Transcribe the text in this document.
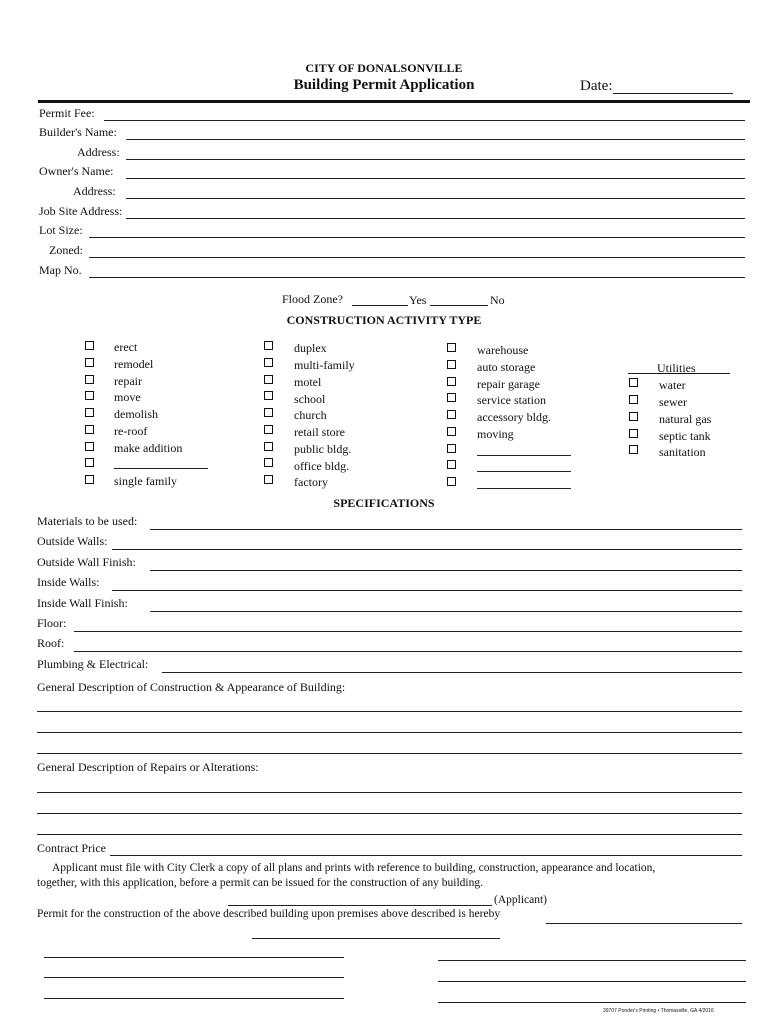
CITY OF DONALSONVILLE
Building Permit Application	Date:
Permit Fee:
Builder's Name:
Address:
Owner's Name:
Address:
Job Site Address:
Lot Size:
Zoned:
Map No.
Flood Zone?	Yes	No
CONSTRUCTION ACTIVITY TYPE
erect
remodel
repair
move
demolish
re-roof
make addition
single family
duplex
multi-family
motel
school
church
retail store
public bldg.
office bldg.
factory
warehouse
auto storage
repair garage
service station
accessory bldg.
moving
Utilities
water
sewer
natural gas
septic tank
sanitation
SPECIFICATIONS
Materials to be used:
Outside Walls:
Outside Wall Finish:
Inside Walls:
Inside Wall Finish:
Floor:
Roof:
Plumbing & Electrical:
General Description of Construction & Appearance of Building:
General Description of Repairs or Alterations:
Contract Price
Applicant must file with City Clerk a copy of all plans and prints with reference to building, construction, appearance and location,
together, with this application, before a permit can be issued for the construction of any building.
(Applicant)
Permit for the construction of the above described building upon premises above described is hereby
39707 Ponder's Printing • Thomasville, GA 4/2016
